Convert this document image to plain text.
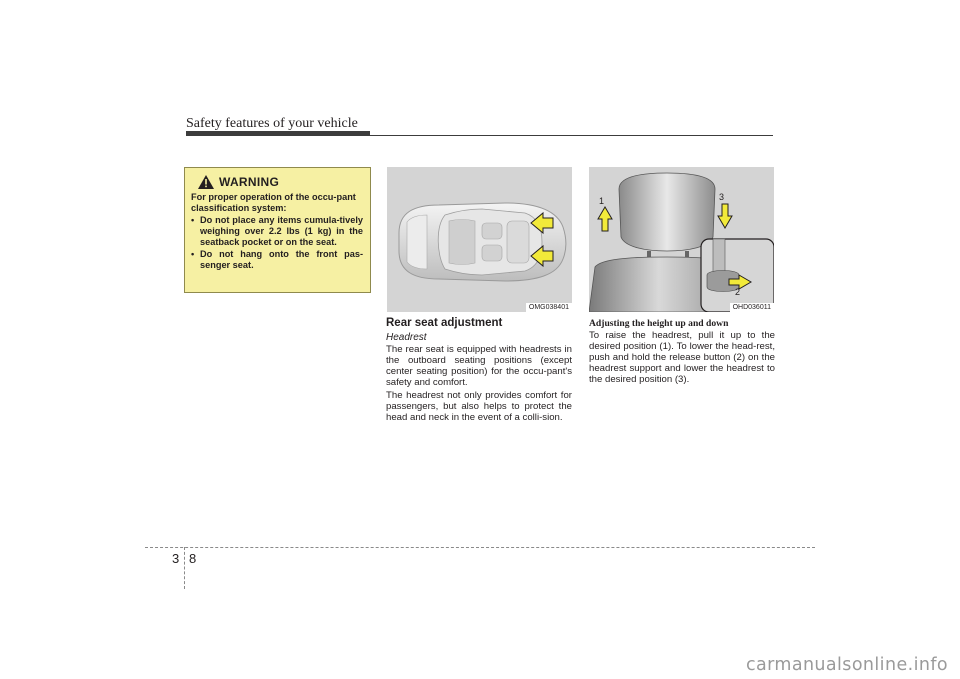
Safety features of your vehicle
WARNING

For proper operation of the occu-pant classification system:

• Do not place any items cumula-tively weighing over 2.2 lbs (1 kg) in the seatback pocket or on the seat.
• Do not hang onto the front pas-senger seat.
OMG038401
1	3
2
OHD036011

Rear seat adjustment

Headrest

The rear seat is equipped with headrests in the outboard seating positions (except center seating position) for the occu-pant's safety and comfort.

The headrest not only provides comfort for passengers, but also helps to protect the head and neck in the event of a colli-sion.

Adjusting the height up and down

To raise the headrest, pull it up to the desired position (1). To lower the head-rest, push and hold the release button (2) on the headrest support and lower the headrest to the desired position (3).

3 8
carmanualsonline.info
